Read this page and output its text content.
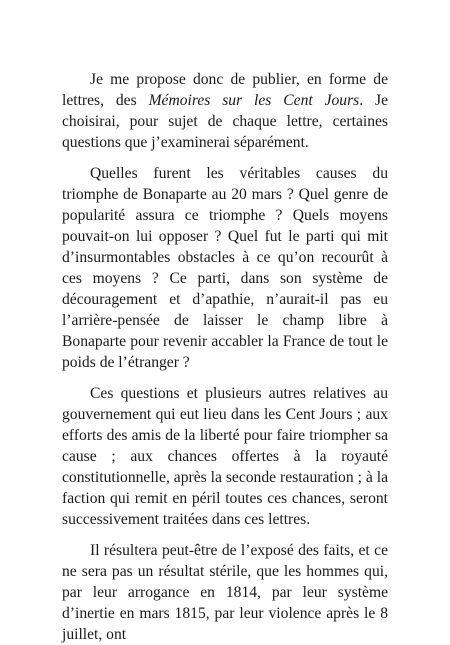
Je me propose donc de publier, en forme de lettres, des Mémoires sur les Cent Jours. Je choisirai, pour sujet de chaque lettre, certaines questions que j’examinerai séparément.

Quelles furent les véritables causes du triomphe de Bonaparte au 20 mars ? Quel genre de popularité assura ce triomphe ? Quels moyens pouvait-on lui opposer ? Quel fut le parti qui mit d’insurmontables obstacles à ce qu’on recourût à ces moyens ? Ce parti, dans son système de découragement et d’apathie, n’aurait-il pas eu l’arrière-pensée de laisser le champ libre à Bonaparte pour revenir accabler la France de tout le poids de l’étranger ?

Ces questions et plusieurs autres relatives au gouvernement qui eut lieu dans les Cent Jours ; aux efforts des amis de la liberté pour faire triompher sa cause ; aux chances offertes à la royauté constitutionnelle, après la seconde restauration ; à la faction qui remit en péril toutes ces chances, seront successivement traitées dans ces lettres.

Il résultera peut-être de l’exposé des faits, et ce ne sera pas un résultat stérile, que les hommes qui, par leur arrogance en 1814, par leur système d’inertie en mars 1815, par leur violence après le 8 juillet, ont
